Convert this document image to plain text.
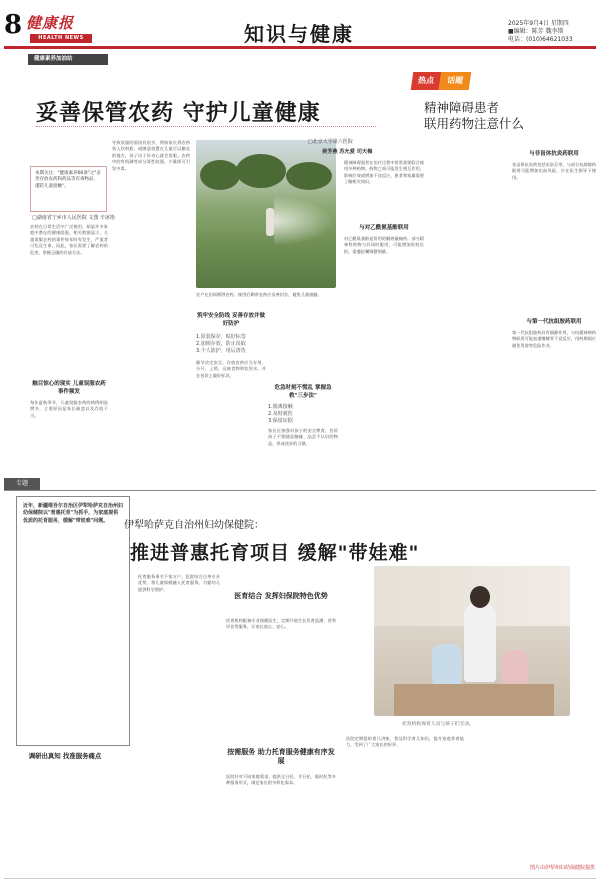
8 健康报
HEALTH NEWS	知识与健康	2025年9月4日 星期四
■编辑：陈芳 魏李斯
电话：(010)64621033
健康素养加油站
妥善保管农药 守护儿童健康
本期关注："健康素养66条"之"妥善存放农药和药品等有毒物品，谨防儿童接触"。
□湖南省宁乡市人民医院 文图 辛冰艳
农药在日常生活中广泛使用，却是许多家庭中潜在的健康隐患。相关数据显示，儿童误服农药的事件每年时有发生，严重者可危及生命。因此，家长需要了解农药的危害，掌握正确的存放方法。
触目惊心的现实 儿童误服农药事件频发
每年夏秋季节，儿童误服农药的病例明显增多，主要原因是家长疏忽以及存放不当。
导致误服的原因有很多，例如家长将农药装入饮料瓶，或随意放置在儿童可以触及的地方，孩子出于好奇心就会误服。农药中的有机磷等成分毒性较强，少量即可引发中毒。
农户在田间喷洒农药。使用后剩余农药应妥善封存，避免儿童接触。
筑牢安全防线 妥善存放并做好防护
1.原装保存，贴好标签
2.加锁存放，防止误取
3.个人防护，用后清洗
细节决定安全。存放农药应当专用、分开、上锁，远离食物和饮用水，并在包装上做好标识。
危急时刻不慌乱 掌握急救"三步法"
1.脱离接触
2.及时就医
3.保留证据
家长应加强对孩子的安全教育，告诉孩子不要随意触碰、品尝不认识的物品，养成良好的习惯。
热点	话题
精神障碍患者
联用药物注意什么
□北京大学第六医院
侯芳燕 苏允爱 司天梅
精神障碍患者在治疗过程中常常需要联合使用多种药物。药物之间可能发生相互作用，影响疗效或增加不良反应，患者和家属需要了解相关知识。
与对乙酰氨基酚联用
对乙酰氨基酚是常用的解热镇痛药。部分精神科药物与其同时服用，可能增加肝脏负担，需遵医嘱调整剂量。
与非甾体抗炎药联用
非甾体抗炎药包括布洛芬等，与部分抗抑郁药联用可能增加出血风险，应在医生指导下使用。
与第一代抗组胺药联用
第一代抗组胺药具有镇静作用，与抗精神病药物联用可能加重嗜睡等不良反应，用药期间应避免驾驶等危险作业。
专题
近年，新疆维吾尔自治区伊犁哈萨克自治州妇幼保健院以"普惠托育"为抓手，为家庭提供优质的托育服务，缓解"带娃难"问题。	伊犁哈萨克自治州妇幼保健院：
推进普惠托育项目 缓解"带娃难"
托育服务事关千家万户。医院结合自身专业优势，将儿童保健融入托育服务，为婴幼儿提供科学照护。
医育结合 发挥妇保院特色优势
托育机构配备专业保健医生，定期开展生长发育监测、营养评估等服务，让家长放心、安心。
按需服务 助力托育服务健康有序发展
医院针对不同家庭需求，提供全日托、半日托、临时托等多种服务形式，满足家长的多样化需求。
托育机构保育人员与孩子们互动。
医院定期组织育儿讲座，普及科学育儿知识，提升家庭养育能力，受到了广大家长的好评。
调研出真知 找准服务痛点
图片由伊犁州妇幼保健院提供
